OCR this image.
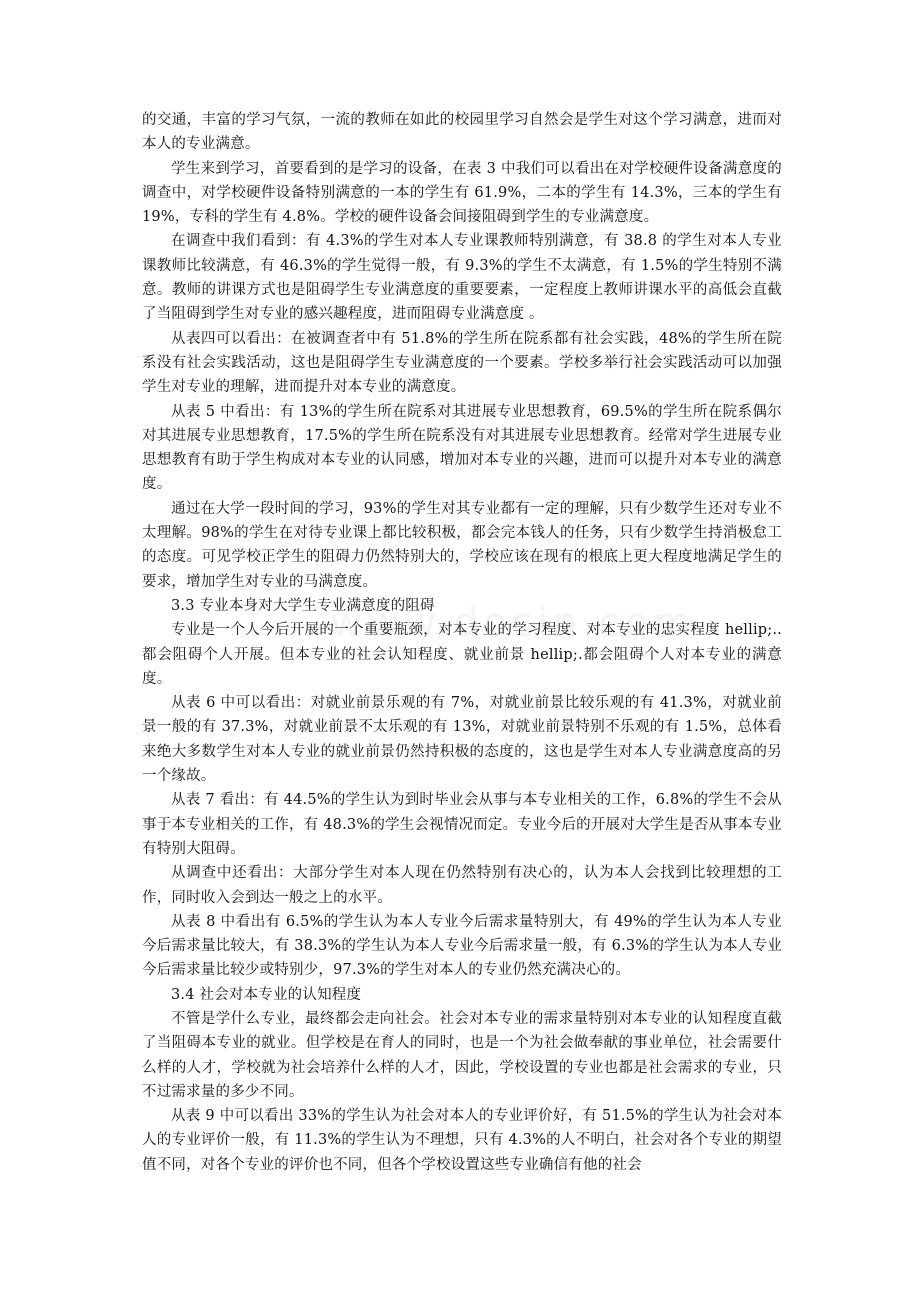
的交通，丰富的学习气氛，一流的教师在如此的校园里学习自然会是学生对这个学习满意，进而对本人的专业满意。

学生来到学习，首要看到的是学习的设备，在表 3 中我们可以看出在对学校硬件设备满意度的调查中，对学校硬件设备特别满意的一本的学生有 61.9%，二本的学生有 14.3%，三本的学生有 19%，专科的学生有 4.8%。学校的硬件设备会间接阻碍到学生的专业满意度。

在调查中我们看到：有 4.3%的学生对本人专业课教师特别满意，有 38.8 的学生对本人专业课教师比较满意，有 46.3%的学生觉得一般，有 9.3%的学生不太满意，有 1.5%的学生特别不满意。教师的讲课方式也是阻碍学生专业满意度的重要要素，一定程度上教师讲课水平的高低会直截了当阻碍到学生对专业的感兴趣程度，进而阻碍专业满意度 。

从表四可以看出：在被调查者中有 51.8%的学生所在院系都有社会实践，48%的学生所在院系没有社会实践活动，这也是阻碍学生专业满意度的一个要素。学校多举行社会实践活动可以加强学生对专业的理解，进而提升对本专业的满意度。

从表 5 中看出：有 13%的学生所在院系对其进展专业思想教育，69.5%的学生所在院系偶尔对其进展专业思想教育，17.5%的学生所在院系没有对其进展专业思想教育。经常对学生进展专业思想教育有助于学生构成对本专业的认同感，增加对本专业的兴趣，进而可以提升对本专业的满意度。

通过在大学一段时间的学习，93%的学生对其专业都有一定的理解，只有少数学生还对专业不太理解。98%的学生在对待专业课上都比较积极，都会完本钱人的任务，只有少数学生持消极怠工的态度。可见学校正学生的阻碍力仍然特别大的，学校应该在现有的根底上更大程度地满足学生的要求，增加学生对专业的马满意度。

3.3 专业本身对大学生专业满意度的阻碍

专业是一个人今后开展的一个重要瓶颈，对本专业的学习程度、对本专业的忠实程度 hellip;..都会阻碍个人开展。但本专业的社会认知程度、就业前景 hellip;.都会阻碍个人对本专业的满意度。

从表 6 中可以看出：对就业前景乐观的有 7%，对就业前景比较乐观的有 41.3%，对就业前景一般的有 37.3%，对就业前景不太乐观的有 13%，对就业前景特别不乐观的有 1.5%，总体看来绝大多数学生对本人专业的就业前景仍然持积极的态度的，这也是学生对本人专业满意度高的另一个缘故。

从表 7 看出：有 44.5%的学生认为到时毕业会从事与本专业相关的工作，6.8%的学生不会从事于本专业相关的工作，有 48.3%的学生会视情况而定。专业今后的开展对大学生是否从事本专业有特别大阻碍。

从调查中还看出：大部分学生对本人现在仍然特别有决心的，认为本人会找到比较理想的工作，同时收入会到达一般之上的水平。

从表 8 中看出有 6.5%的学生认为本人专业今后需求量特别大，有 49%的学生认为本人专业今后需求量比较大，有 38.3%的学生认为本人专业今后需求量一般，有 6.3%的学生认为本人专业今后需求量比较少或特别少，97.3%的学生对本人的专业仍然充满决心的。

3.4 社会对本专业的认知程度

不管是学什么专业，最终都会走向社会。社会对本专业的需求量特别对本专业的认知程度直截了当阻碍本专业的就业。但学校是在育人的同时，也是一个为社会做奉献的事业单位，社会需要什么样的人才，学校就为社会培养什么样的人才，因此，学校设置的专业也都是社会需求的专业，只不过需求量的多少不同。

从表 9 中可以看出 33%的学生认为社会对本人的专业评价好，有 51.5%的学生认为社会对本人的专业评价一般，有 11.3%的学生认为不理想，只有 4.3%的人不明白，社会对各个专业的期望值不同，对各个专业的评价也不同，但各个学校设置这些专业确信有他的社会
